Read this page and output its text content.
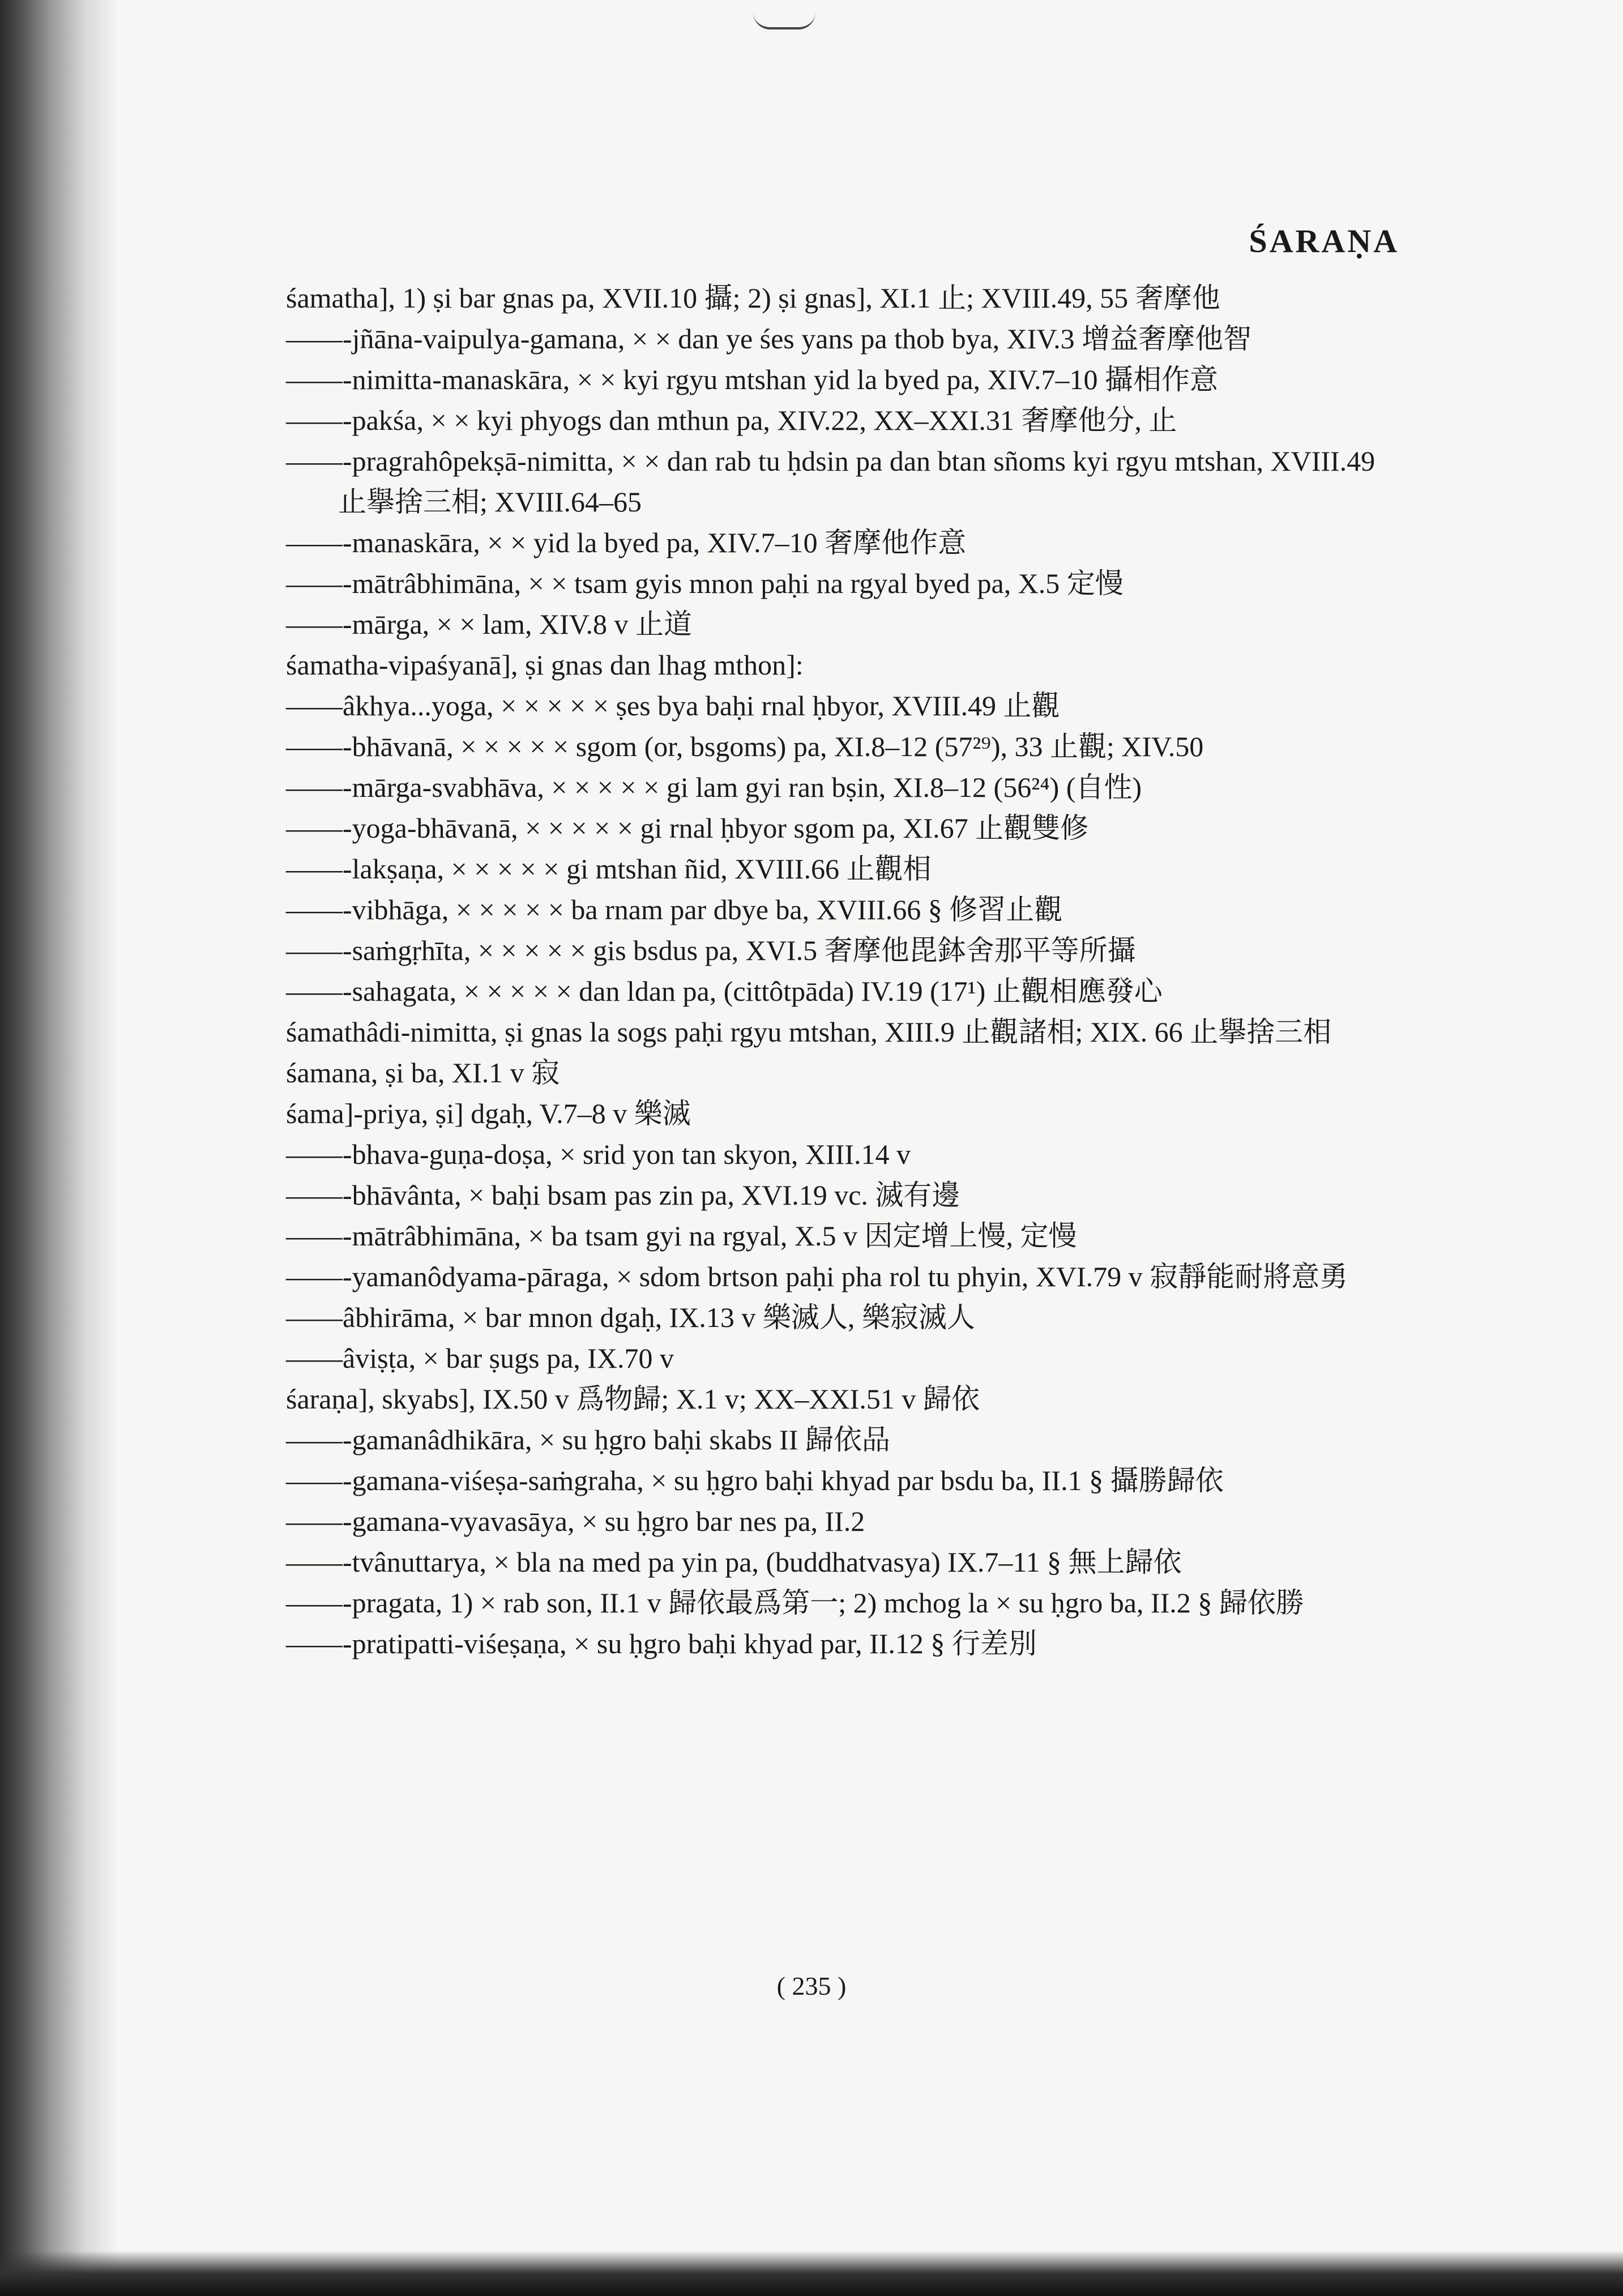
ŚARAṆA

śamatha], 1) ṣi bar gnas pa, XVII.10 攝; 2) ṣi gnas], XI.1 止; XVIII.49, 55 奢摩他

——-jñāna-vaipulya-gamana, × × dan ye śes yans pa thob bya, XIV.3 增益奢摩他智

——-nimitta-manaskāra, × × kyi rgyu mtshan yid la byed pa, XIV.7–10 攝相作意

——-pakśa, × × kyi phyogs dan mthun pa, XIV.22, XX–XXI.31 奢摩他分, 止

——-pragrahôpekṣā-nimitta, × × dan rab tu ḥdsin pa dan btan sñoms kyi rgyu mtshan, XVIII.49 止擧捨三相; XVIII.64–65

——-manaskāra, × × yid la byed pa, XIV.7–10 奢摩他作意

——-mātrâbhimāna, × × tsam gyis mnon paḥi na rgyal byed pa, X.5 定慢

——-mārga, × × lam, XIV.8 v 止道

śamatha-vipaśyanā], ṣi gnas dan lhag mthon]:

——âkhya...yoga, × × × × × ṣes bya baḥi rnal ḥbyor, XVIII.49 止觀

——-bhāvanā, × × × × × sgom (or, bsgoms) pa, XI.8–12 (57²⁹), 33 止觀; XIV.50

——-mārga-svabhāva, × × × × × gi lam gyi ran bṣin, XI.8–12 (56²⁴) (自性)

——-yoga-bhāvanā, × × × × × gi rnal ḥbyor sgom pa, XI.67 止觀雙修

——-lakṣaṇa, × × × × × gi mtshan ñid, XVIII.66 止觀相

——-vibhāga, × × × × × ba rnam par dbye ba, XVIII.66 § 修習止觀

——-saṁgṛhīta, × × × × × gis bsdus pa, XVI.5 奢摩他毘鉢舍那平等所攝

——-sahagata, × × × × × dan ldan pa, (cittôtpāda) IV.19 (17¹) 止觀相應發心

śamathâdi-nimitta, ṣi gnas la sogs paḥi rgyu mtshan, XIII.9 止觀諸相; XIX. 66 止擧捨三相

śamana, ṣi ba, XI.1 v 寂

śama]-priya, ṣi] dgaḥ, V.7–8 v 樂滅

——-bhava-guṇa-doṣa, × srid yon tan skyon, XIII.14 v

——-bhāvânta, × baḥi bsam pas zin pa, XVI.19 vc. 滅有邊

——-mātrâbhimāna, × ba tsam gyi na rgyal, X.5 v 因定增上慢, 定慢

——-yamanôdyama-pāraga, × sdom brtson paḥi pha rol tu phyin, XVI.79 v 寂靜能耐將意勇

——âbhirāma, × bar mnon dgaḥ, IX.13 v 樂滅人, 樂寂滅人

——âviṣṭa, × bar ṣugs pa, IX.70 v

śaraṇa], skyabs], IX.50 v 爲物歸; X.1 v; XX–XXI.51 v 歸依

——-gamanâdhikāra, × su ḥgro baḥi skabs II 歸依品

——-gamana-viśeṣa-saṁgraha, × su ḥgro baḥi khyad par bsdu ba, II.1 § 攝勝歸依

——-gamana-vyavasāya, × su ḥgro bar nes pa, II.2

——-tvânuttarya, × bla na med pa yin pa, (buddhatvasya) IX.7–11 § 無上歸依

——-pragata, 1) × rab son, II.1 v 歸依最爲第一; 2) mchog la × su ḥgro ba, II.2 § 歸依勝

——-pratipatti-viśeṣaṇa, × su ḥgro baḥi khyad par, II.12 § 行差別

( 235 )
